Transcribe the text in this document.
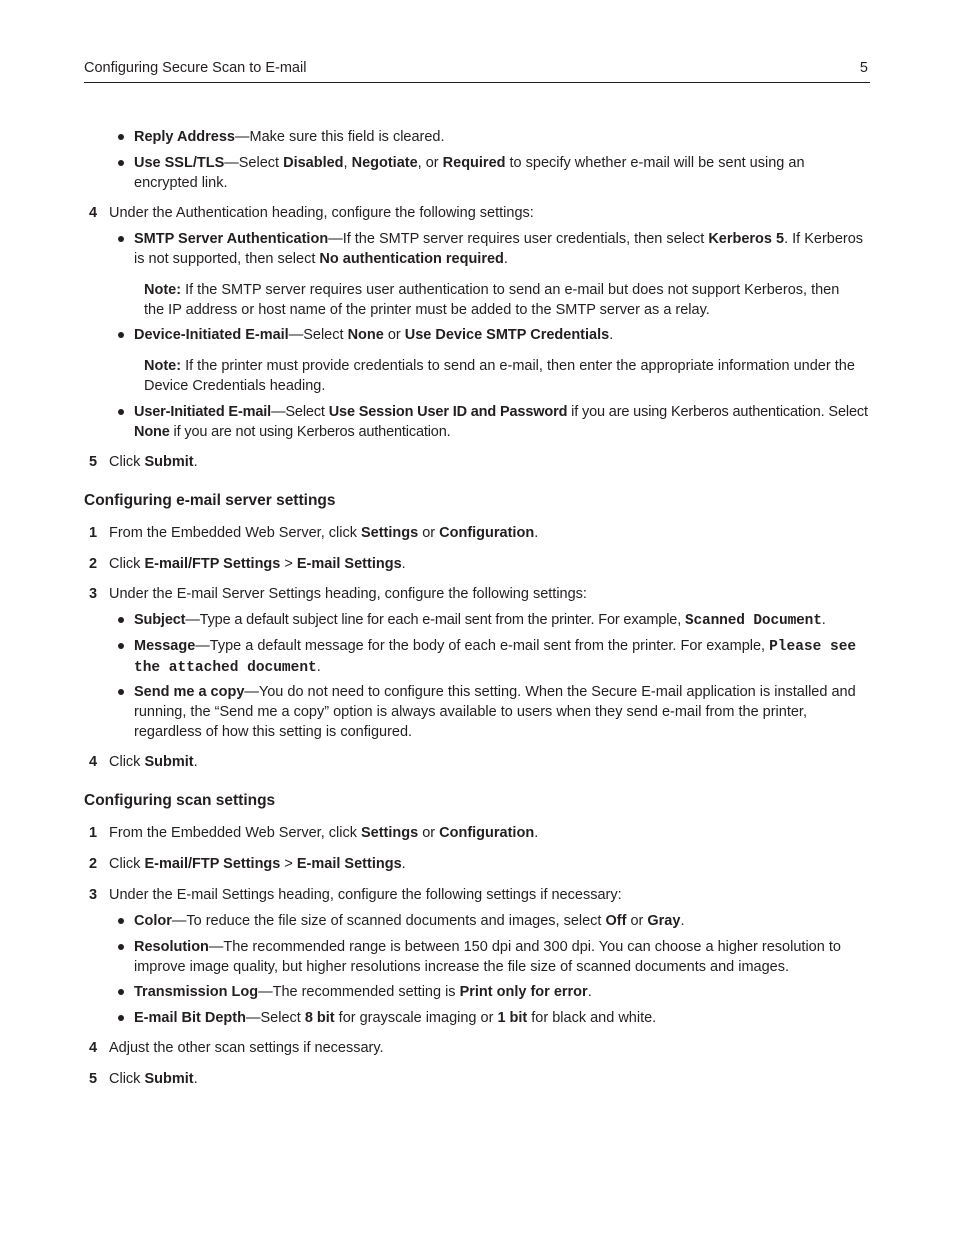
Configuring Secure Scan to E-mail	5
Reply Address—Make sure this field is cleared.
Use SSL/TLS—Select Disabled, Negotiate, or Required to specify whether e-mail will be sent using an encrypted link.
4 Under the Authentication heading, configure the following settings:
SMTP Server Authentication—If the SMTP server requires user credentials, then select Kerberos 5. If Kerberos is not supported, then select No authentication required.
Note: If the SMTP server requires user authentication to send an e-mail but does not support Kerberos, then the IP address or host name of the printer must be added to the SMTP server as a relay.
Device-Initiated E-mail—Select None or Use Device SMTP Credentials.
Note: If the printer must provide credentials to send an e-mail, then enter the appropriate information under the Device Credentials heading.
User-Initiated E-mail—Select Use Session User ID and Password if you are using Kerberos authentication. Select None if you are not using Kerberos authentication.
5 Click Submit.
Configuring e-mail server settings
1 From the Embedded Web Server, click Settings or Configuration.
2 Click E-mail/FTP Settings > E-mail Settings.
3 Under the E-mail Server Settings heading, configure the following settings:
Subject—Type a default subject line for each e-mail sent from the printer. For example, Scanned Document.
Message—Type a default message for the body of each e-mail sent from the printer. For example, Please see the attached document.
Send me a copy—You do not need to configure this setting. When the Secure E-mail application is installed and running, the “Send me a copy” option is always available to users when they send e-mail from the printer, regardless of how this setting is configured.
4 Click Submit.
Configuring scan settings
1 From the Embedded Web Server, click Settings or Configuration.
2 Click E-mail/FTP Settings > E-mail Settings.
3 Under the E-mail Settings heading, configure the following settings if necessary:
Color—To reduce the file size of scanned documents and images, select Off or Gray.
Resolution—The recommended range is between 150 dpi and 300 dpi. You can choose a higher resolution to improve image quality, but higher resolutions increase the file size of scanned documents and images.
Transmission Log—The recommended setting is Print only for error.
E-mail Bit Depth—Select 8 bit for grayscale imaging or 1 bit for black and white.
4 Adjust the other scan settings if necessary.
5 Click Submit.
